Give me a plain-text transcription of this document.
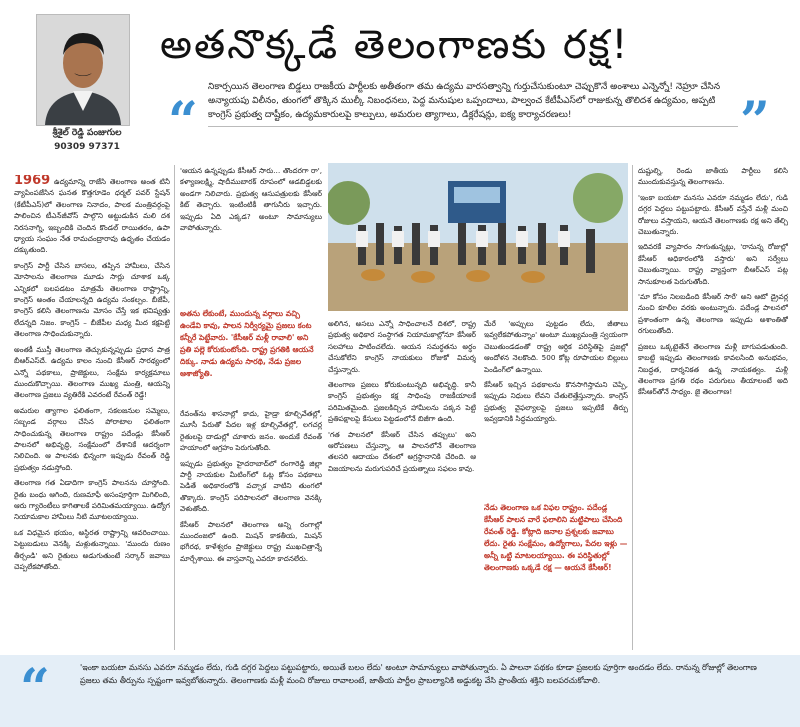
శ్రీశైల్ రెడ్డి పంజుగుల
90309 97371
అతనొక్కడే తెలంగాణకు రక్ష!
“	”
నికార్సయిన తెలంగాణ బిడ్డలు రాజకీయ పార్టీలకు అతీతంగా తమ ఉద్యమ వారసత్వాన్ని గుర్తుచేసుకుంటూ చెప్పుకొనే అంశాలు ఎన్నెన్నో! నెహ్రూ చేసిన అన్యాయపు విలీనం, తుంగలో తొక్కిన ముల్కీ నిబంధనలు, పెద్ద మనుషుల ఒప్పందాలు, పాల్వంచ కేటీపీఎస్‌లో రాజుకున్న తొలిదశ ఉద్యమం, అప్పటి కాంగ్రెస్ ప్రభుత్వ దాష్టీకం, ఉద్యమకారులపై కాల్పులు, అమరుల త్యాగాలు, డిక్లరేషన్లు, ఐక్య కార్యాచరణలు!

1969 ఉద్యమాన్ని రాజేసి తెలంగాణ అంత టినీ వ్యాపింపజేసిన ఘనత కొత్తగూడెం ధర్మల్ పవర్ స్టేషన్ (కేటీపీఎస్)లో తెలంగాణ నినాదం, పాలక మంత్రివర్గంపై పాలించిన టీఎన్‌జీవోస్ పాల్గొని అట్టుడుకిన మలి దశ నిరసనాగ్ని, ఇబ్బందికి చెందిన కొండల్ రాయితరం, ఉపా ధ్యాయ సంఘం నేత రామచంద్రారావు ఉధృతం చేయడం దక్కుతుంది.

కాంగ్రెస్ పార్టీ చేసిన బాసలు, తప్పిన హామీలు, చేసిన మోసాలను తెలంగాణ మూడు సార్లు చూశాక ఒక్క ఎన్నికలో బలపడటం మాత్రమే తెలంగాణ రాష్ట్రాన్ని, కాంగ్రెస్ అంతం చేయాలన్నది ఉద్యమ సంకల్పం. బీజేపీ, కాంగ్రెస్ కలిసి తెలంగాణను మోసం చేస్తే ఇక భవిష్యత్తు లేదన్నది నిజం. కాంగ్రెస్ – బీజేపీల మధ్య మీద కక్షపెట్టి తెలంగాణ సాధించుకున్నారు.

అంతకీ ముస్తీ తెలంగాణ తెచ్చుకున్నప్పుడు ప్రధాన పాత్ర బీఆర్ఎస్‌దే. ఉద్యమ కాలం నుంచి కేసీఆర్ సారథ్యంలో ఎన్నో పథకాలు, ప్రాజెక్టులు, సంక్షేమ కార్యక్రమాలు ముందుకొచ్చాయి. తెలంగాణ ముఖ్య మంత్రి, ఆయన్ని తెలంగాణ ప్రజలు వ్యతిరేకి ఎవరంటే రేవంత్ రెడ్డే!

అమరుల త్యాగాల ఫలితంగా, సకలజనుల సమ్మెలు, సబ్బండ వర్గాలు చేసిన పోరాటాల ఫలితంగా సాధించుకున్న తెలంగాణ రాష్ట్రం పదేండ్లు కేసీఆర్ పాలనలో అభివృద్ధి, సంక్షేమంలో దేశానికే ఆదర్శంగా నిలిచింది. ఆ పాలనకు భిన్నంగా ఇప్పుడు రేవంత్ రెడ్డి ప్రభుత్వం నడుస్తోంది.

తెలంగాణ గత ఏడాదిగా కాంగ్రెస్ పాలనను చూస్తోంది. రైతు బంధు ఆగింది, రుణమాఫీ అసంపూర్తిగా మిగిలింది, ఆరు గ్యారెంటీలు కాగితాలకే పరిమితమయ్యాయి. ఉద్యోగ నియామకాల హామీలు నీటి మూటలయ్యాయి.

ఒక విధమైన భయం, అస్థిరత రాష్ట్రాన్ని ఆవరించాయి. పెట్టుబడులు వెనక్కి మళ్లుతున్నాయి. 'ముందు రుణం తీర్చండి' అని రైతులు అడుగుతుంటే సర్కార్ జవాబు చెప్పలేకపోతోంది.

'ఆయన ఉన్నప్పుడు కేసీఆర్ సారు… తొందరగా రా', కళ్యాణలక్ష్మి, షాదీముబారక్ రూపంలో ఆడబిడ్డలకు అండగా నిలిచారు. ప్రభుత్వ ఆసుపత్రులకు కేసీఆర్ కిట్ తెచ్చారు. ఇంటింటికీ తాగునీరు ఇచ్చారు. ఇప్పుడు ఏది ఎక్కడ? అంటూ సామాన్యులు వాపోతున్నారు.

అతను లేకుంటే, ముందున్న వర్గాలు వచ్చి ఉండేవి కావు, పాలన నిర్వీర్యమై ప్రజలు కంట కన్నీరే పెట్టేవారు. 'కేసీఆర్ మళ్లీ రావాలి' అని ప్రతి పల్లె కోరుకుంటోంది. రాష్ట్ర ప్రగతికి ఆయనే దిక్కు. నాడు ఉద్యమ సారథి, నేడు ప్రజల ఆశాజ్యోతి.

రేవంత్‌ను శాసనాల్లో కాదు, హైడ్రా కూల్చివేతల్లో, మూసీ పేరుతో పేదల ఇళ్ల కూల్చివేతల్లో, లగచర్ల రైతులపై దాడుల్లో చూశారు జనం. అందుకే రేవంత్ హయాంలో ఆగ్రహం పెరుగుతోంది.

ఇప్పుడు ప్రభుత్వం హైదరాబాద్‌లో రంగారెడ్డి జిల్లా పార్టీ నాయకుల మీటింగ్‌లో ఓట్ల కోసం పథకాలు పెడితే అధికారంలోకి వచ్చాక వాటిని తుంగలో తొక్కారు. కాంగ్రెస్ పరిపాలనలో తెలంగాణ వెనక్కి వెళుతోంది.

కేసీఆర్ పాలనలో తెలంగాణ అన్ని రంగాల్లో ముందంజలో ఉంది. మిషన్ కాకతీయ, మిషన్ భగీరథ, కాళేశ్వరం ప్రాజెక్టులు రాష్ట్ర ముఖచిత్రాన్నే మార్చేశాయి. ఈ వాస్తవాన్ని ఎవరూ కాదనలేరు.

అలిగిన, అసలు ఎన్నో సాధించాలనే దిశలో, రాష్ట్ర ప్రభుత్వ అధికార సంస్థాగత నియామకాల్లోనూ కేసీఆర్ సలహాలు పాటించలేదు. ఆయన సమర్థతను అర్థం చేసుకోలేని కాంగ్రెస్ నాయకులు రోజుకో విమర్శ చేస్తున్నారు.

తెలంగాణ ప్రజలు కోరుకుంటున్నది అభివృద్ధి. కానీ కాంగ్రెస్ ప్రభుత్వం కక్ష సాధింపు రాజకీయాలకే పరిమితమైంది. ప్రజలకిచ్చిన హామీలను పక్కన పెట్టి ప్రతిపక్షాలపై కేసులు పెట్టడంలోనే బిజీగా ఉంది.

'గత పాలనలో కేసీఆర్ చేసిన తప్పులు' అని ఆరోపణలు చేస్తున్నా, ఆ పాలనలోనే తెలంగాణ తలసరి ఆదాయం దేశంలో అగ్రస్థానానికి చేరింది. ఆ విజయాలను మరుగుపరిచే ప్రయత్నాలు సఫలం కావు.

మేరే 'అప్పులు పుట్టడం లేదు, జీతాలు ఇవ్వలేకపోతున్నాం' అంటూ ముఖ్యమంత్రి స్వయంగా చెబుతుండడంతో రాష్ట్ర ఆర్థిక పరిస్థితిపై ప్రజల్లో ఆందోళన నెలకొంది. 500 కోట్ల రూపాయల బిల్లులు పెండింగ్‌లో ఉన్నాయి.

కేసీఆర్ ఇచ్చిన పథకాలను కొనసాగిస్తామని చెప్పి, ఇప్పుడు నిధులు లేవని చేతులెత్తేస్తున్నారు. కాంగ్రెస్ ప్రభుత్వ వైఫల్యాలపై ప్రజలు ఇప్పటికే తీర్పు ఇవ్వడానికి సిద్ధమయ్యారు.

నేడు తెలంగాణ ఒక విఫల రాష్ట్రం. పదేండ్ల కేసీఆర్ పాలన వారే ఫలాలిని మట్టిపాలు చేసింది రేవంత్ రెడ్డి. కోట్లాది జనాల ప్రశ్నలకు జవాబు లేదు. రైతు సంక్షేమం, ఉద్యోగాలు, పేదల ఇళ్లు — అన్నీ ఒట్టి మాటలయ్యాయి. ఈ పరిస్థితుల్లో తెలంగాణకు ఒక్కడే రక్ష — ఆయనే కేసీఆర్!

దుష్టుల్ని, రెండు జాతీయ పార్టీలు కలిసి ముందుకువస్తున్న తెలంగాణను.

'ఇంకా బయటా మనసు ఎవరూ నమ్మడం లేదు', గుడి దగ్గర పెద్దలు పట్టుపట్టారు. కేసీఆర్ వస్తేనే మళ్లీ మంచి రోజులు వస్తాయని, ఆయనే తెలంగాణకు రక్ష అని తేల్చి చెబుతున్నారు.

ఇదివరకే వ్యాపారం సాగుతున్నట్లు, 'రానున్న రోజుల్లో కేసీఆర్ అధికారంలోకి వస్తారు' అని సర్వేలు చెబుతున్నాయి. రాష్ట్ర వ్యాప్తంగా బీఆర్ఎస్ పట్ల సానుకూలత పెరుగుతోంది.

'మా కోసం నిలబడింది కేసీఆర్ సారే' అని ఆటో డ్రైవర్ల నుంచి కూలీల వరకు అంటున్నారు. పదేండ్ల పాలనలో ప్రశాంతంగా ఉన్న తెలంగాణ ఇప్పుడు అశాంతితో రగులుతోంది.

ప్రజలు ఒక్కటైతేనే తెలంగాణ మళ్లీ బాగుపడుతుంది. కాబట్టి ఇప్పుడు తెలంగాణకు కావలసింది అనుభవం, నిబద్ధత, దార్శనికత ఉన్న నాయకత్వం. మళ్లీ తెలంగాణ ప్రగతి రథం పరుగులు తీయాలంటే అది కేసీఆర్‌తోనే సాధ్యం. జై తెలంగాణ!

“	'ఇంకా బయటా మనసు ఎవరూ నమ్మడం లేదు, గుడి దగ్గర పెద్దలు పట్టుపట్టారు, అయితే బలం లేదు' అంటూ సామాన్యులు వాపోతున్నారు. ఏ పాలనా పథకం కూడా ప్రజలకు పూర్తిగా అందడం లేదు. రానున్న రోజుల్లో తెలంగాణ ప్రజలు తమ తీర్పును స్పష్టంగా ఇవ్వబోతున్నారు. తెలంగాణకు మళ్లీ మంచి రోజులు రావాలంటే, జాతీయ పార్టీల ప్రాబల్యానికి అడ్డుకట్ట వేసి ప్రాంతీయ శక్తిని బలపరచుకోవాలి.
